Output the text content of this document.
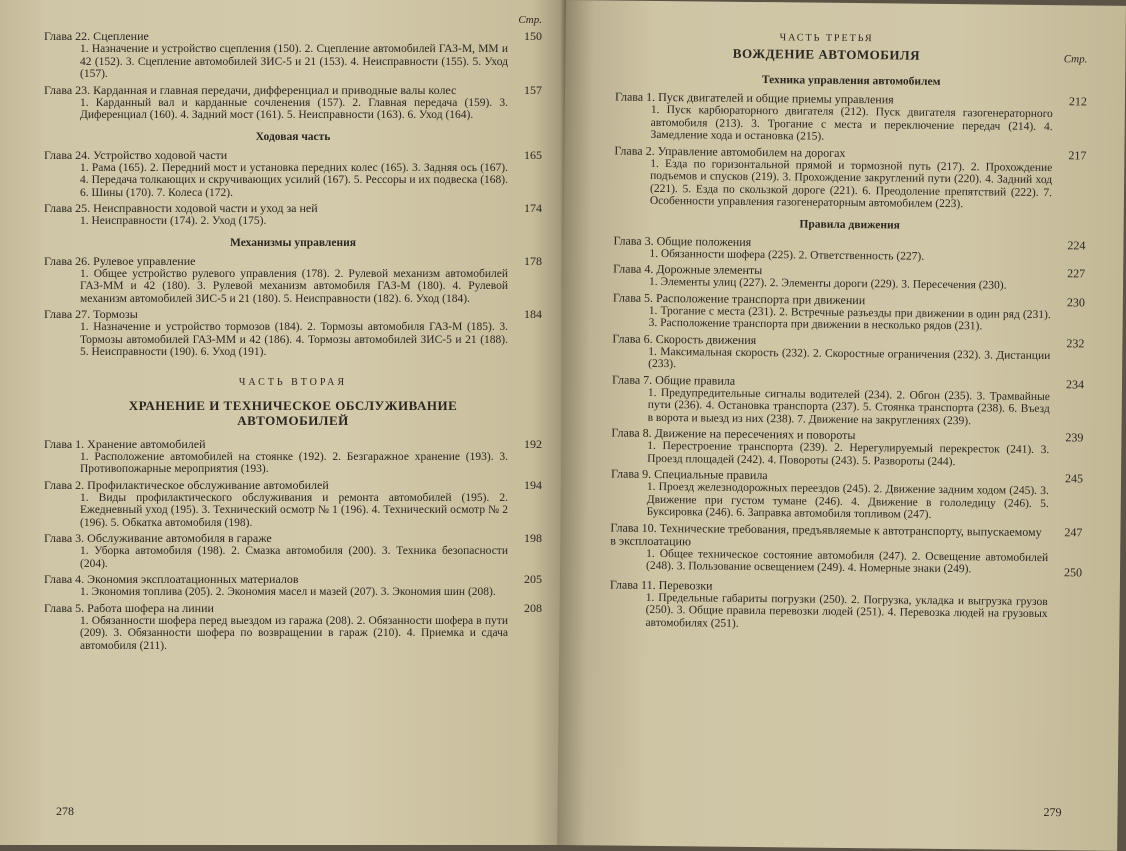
Стр.
Глава 22. Сцепление
1. Назначение и устройство сцепления (150). 2. Сцепление автомобилей ГАЗ-М, ММ и 42 (152). 3. Сцепление автомобилей ЗИС-5 и 21 (153). 4. Неисправности (155). 5. Уход (157).
150
Глава 23. Карданная и главная передачи, дифференциал и приводные валы колес
1. Карданный вал и карданные сочленения (157). 2. Главная передача (159). 3. Диференциал (160). 4. Задний мост (161). 5. Неисправности (163). 6. Уход (164).
157
Ходовая часть
Глава 24. Устройство ходовой части
1. Рама (165). 2. Передний мост и установка передних колес (165). 3. Задняя ось (167). 4. Передача толкающих и скручивающих усилий (167). 5. Рессоры и их подвеска (168). 6. Шины (170). 7. Колеса (172).
165
Глава 25. Неисправности ходовой части и уход за ней
1. Неисправности (174). 2. Уход (175).
174
Механизмы управления
Глава 26. Рулевое управление
1. Общее устройство рулевого управления (178). 2. Рулевой механизм автомобилей ГАЗ-ММ и 42 (180). 3. Рулевой механизм автомобиля ГАЗ-М (180). 4. Рулевой механизм автомобилей ЗИС-5 и 21 (180). 5. Неисправности (182). 6. Уход (184).
178
Глава 27. Тормозы
1. Назначение и устройство тормозов (184). 2. Тормозы автомобиля ГАЗ-М (185). 3. Тормозы автомобилей ГАЗ-ММ и 42 (186). 4. Тормозы автомобилей ЗИС-5 и 21 (188). 5. Неисправности (190). 6. Уход (191).
184
ЧАСТЬ ВТОРАЯ
ХРАНЕНИЕ И ТЕХНИЧЕСКОЕ ОБСЛУЖИВАНИЕ
АВТОМОБИЛЕЙ
Глава 1. Хранение автомобилей
1. Расположение автомобилей на стоянке (192). 2. Безгаражное хранение (193). 3. Противопожарные мероприятия (193).
192
Глава 2. Профилактическое обслуживание автомобилей
1. Виды профилактического обслуживания и ремонта автомобилей (195). 2. Ежедневный уход (195). 3. Технический осмотр № 1 (196). 4. Технический осмотр № 2 (196). 5. Обкатка автомобиля (198).
194
Глава 3. Обслуживание автомобиля в гараже
1. Уборка автомобиля (198). 2. Смазка автомобиля (200). 3. Техника безопасности (204).
198
Глава 4. Экономия эксплоатационных материалов
1. Экономия топлива (205). 2. Экономия масел и мазей (207). 3. Экономия шин (208).
205
Глава 5. Работа шофера на линии
1. Обязанности шофера перед выездом из гаража (208). 2. Обязанности шофера в пути (209). 3. Обязанности шофера по возвращении в гараж (210). 4. Приемка и сдача автомобиля (211).
208
278
ЧАСТЬ ТРЕТЬЯ
ВОЖДЕНИЕ АВТОМОБИЛЯ	Стр.
Техника управления автомобилем
Глава 1. Пуск двигателей и общие приемы управления
1. Пуск карбюраторного двигателя (212). Пуск двигателя газогенераторного автомобиля (213). 3. Трогание с места и переключение передач (214). 4. Замедление хода и остановка (215).
212
Глава 2. Управление автомобилем на дорогах
1. Езда по горизонтальной прямой и тормозной путь (217). 2. Прохождение подъемов и спусков (219). 3. Прохождение закруглений пути (220). 4. Задний ход (221). 5. Езда по скользкой дороге (221). 6. Преодоление препятствий (222). 7. Особенности управления газогенераторным автомобилем (223).
217
Правила движения
Глава 3. Общие положения
1. Обязанности шофера (225). 2. Ответственность (227).
224
Глава 4. Дорожные элементы
1. Элементы улиц (227). 2. Элементы дороги (229). 3. Пересечения (230).
227
Глава 5. Расположение транспорта при движении
1. Трогание с места (231). 2. Встречные разъезды при движении в один ряд (231). 3. Расположение транспорта при движении в несколько рядов (231).
230
Глава 6. Скорость движения
1. Максимальная скорость (232). 2. Скоростные ограничения (232). 3. Дистанции (233).
232
Глава 7. Общие правила
1. Предупредительные сигналы водителей (234). 2. Обгон (235). 3. Трамвайные пути (236). 4. Остановка транспорта (237). 5. Стоянка транспорта (238). 6. Въезд в ворота и выезд из них (238). 7. Движение на закруглениях (239).
234
Глава 8. Движение на пересечениях и повороты
1. Перестроение транспорта (239). 2. Нерегулируемый перекресток (241). 3. Проезд площадей (242). 4. Повороты (243). 5. Развороты (244).
239
Глава 9. Специальные правила
1. Проезд железнодорожных переездов (245). 2. Движение задним ходом (245). 3. Движение при густом тумане (246). 4. Движение в гололедицу (246). 5. Буксировка (246). 6. Заправка автомобиля топливом (247).
245
Глава 10. Технические требования, предъявляемые к автотранспорту, выпускаемому в эксплоатацию
1. Общее техническое состояние автомобиля (247). 2. Освещение автомобилей (248). 3. Пользование освещением (249). 4. Номерные знаки (249).
247
250
Глава 11. Перевозки
1. Предельные габариты погрузки (250). 2. Погрузка, укладка и выгрузка грузов (250). 3. Общие правила перевозки людей (251). 4. Перевозка людей на грузовых автомобилях (251).
279
